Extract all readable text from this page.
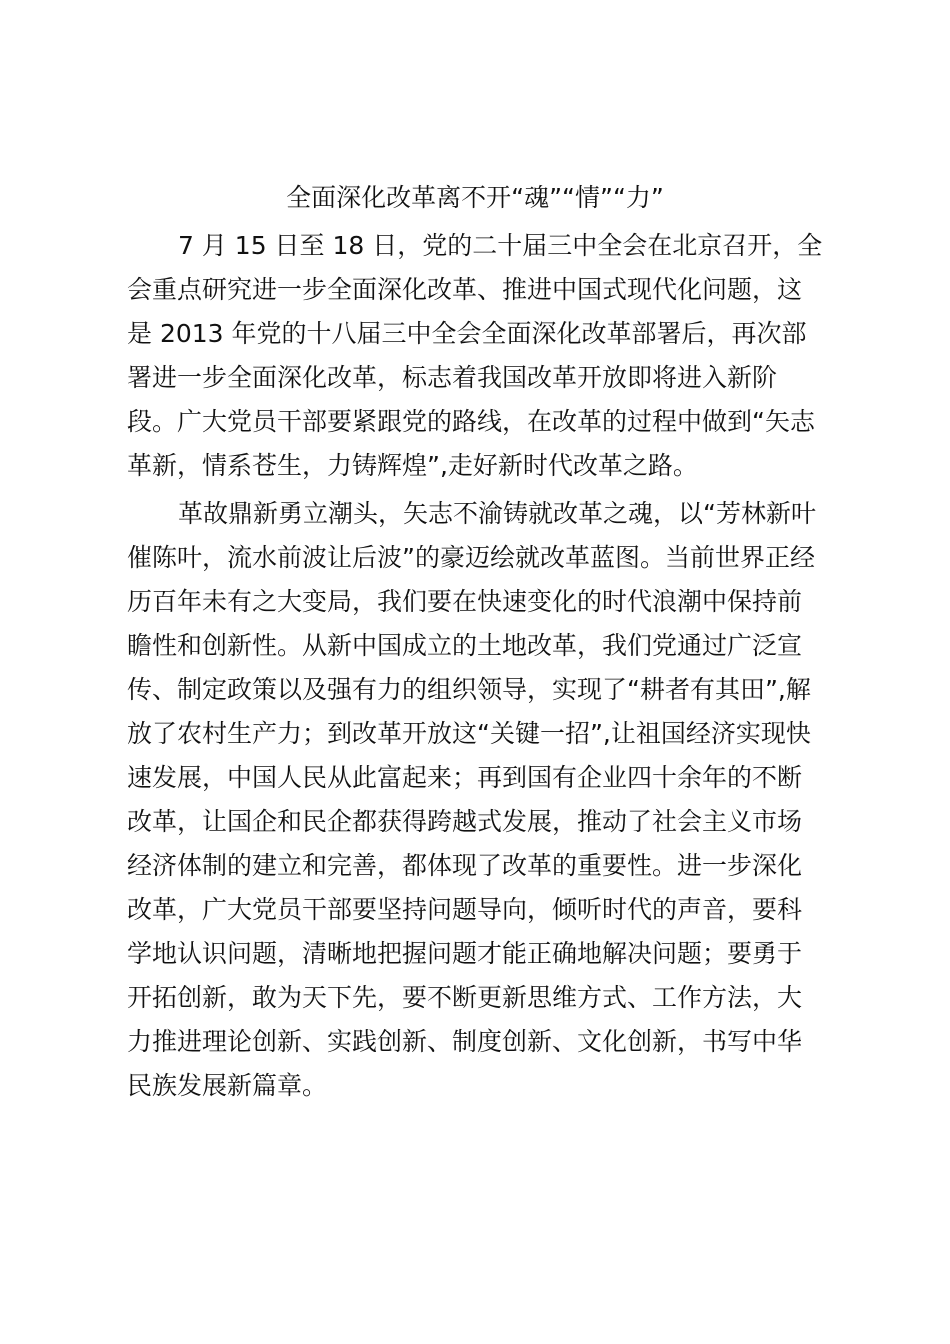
全面深化改革离不开“魂”“情”“力”
7 月 15 日至 18 日，党的二十届三中全会在北京召开，全
会重点研究进一步全面深化改革、推进中国式现代化问题，这
是 2013 年党的十八届三中全会全面深化改革部署后，再次部
署进一步全面深化改革，标志着我国改革开放即将进入新阶
段。广大党员干部要紧跟党的路线，在改革的过程中做到“矢志
革新，情系苍生，力铸辉煌”,走好新时代改革之路。
革故鼎新勇立潮头，矢志不渝铸就改革之魂，以“芳林新叶
催陈叶，流水前波让后波”的豪迈绘就改革蓝图。当前世界正经
历百年未有之大变局，我们要在快速变化的时代浪潮中保持前
瞻性和创新性。从新中国成立的土地改革，我们党通过广泛宣
传、制定政策以及强有力的组织领导，实现了“耕者有其田”,解
放了农村生产力；到改革开放这“关键一招”,让祖国经济实现快
速发展，中国人民从此富起来；再到国有企业四十余年的不断
改革，让国企和民企都获得跨越式发展，推动了社会主义市场
经济体制的建立和完善，都体现了改革的重要性。进一步深化
改革，广大党员干部要坚持问题导向，倾听时代的声音，要科
学地认识问题，清晰地把握问题才能正确地解决问题；要勇于
开拓创新，敢为天下先，要不断更新思维方式、工作方法，大
力推进理论创新、实践创新、制度创新、文化创新，书写中华
民族发展新篇章。
